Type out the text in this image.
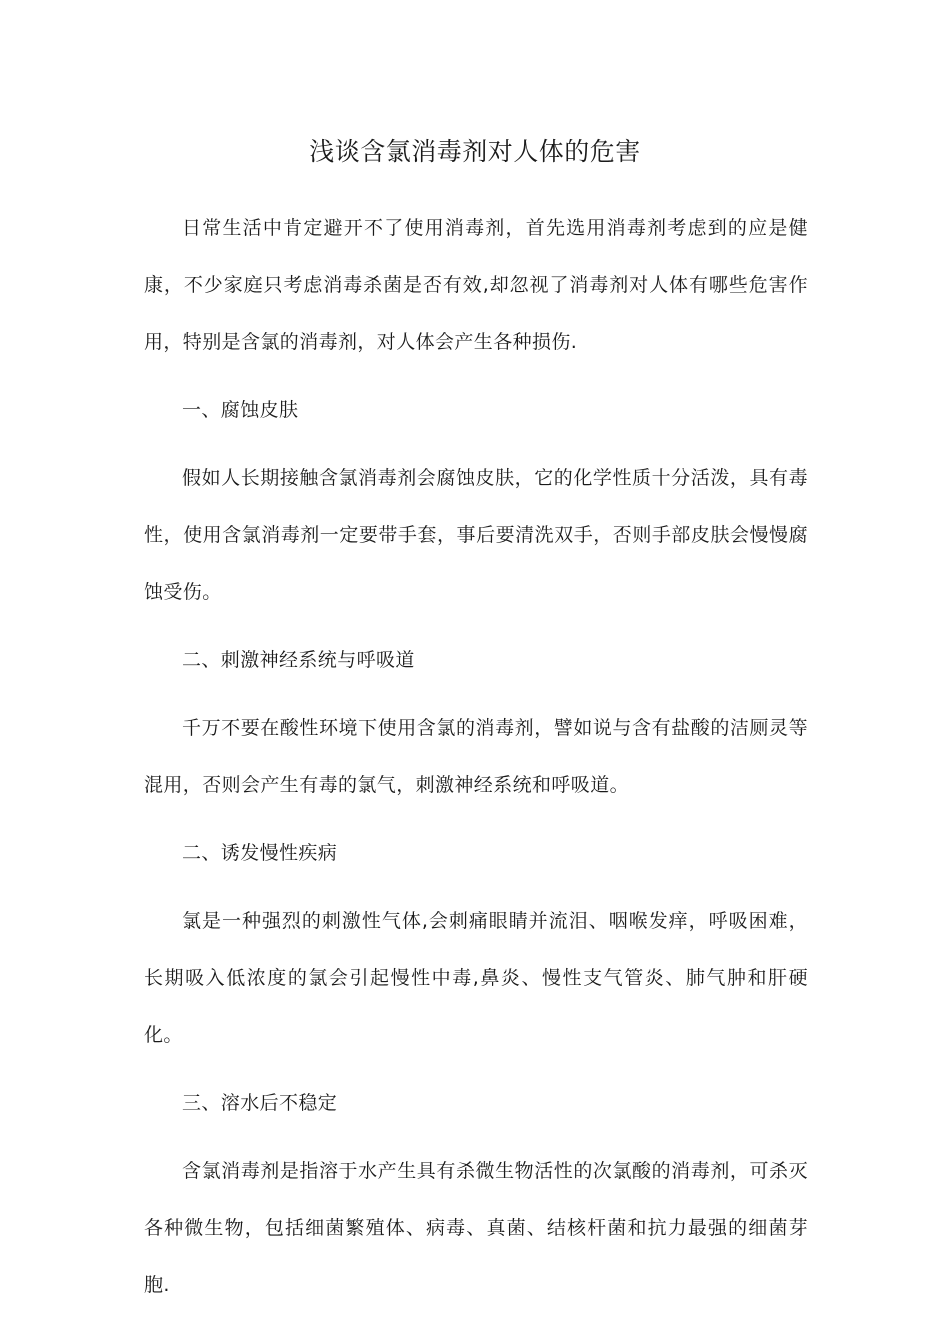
浅谈含氯消毒剂对人体的危害

日常生活中肯定避开不了使用消毒剂，首先选用消毒剂考虑到的应是健康，不少家庭只考虑消毒杀菌是否有效,却忽视了消毒剂对人体有哪些危害作用，特别是含氯的消毒剂，对人体会产生各种损伤.

一、腐蚀皮肤

假如人长期接触含氯消毒剂会腐蚀皮肤，它的化学性质十分活泼，具有毒性，使用含氯消毒剂一定要带手套，事后要清洗双手，否则手部皮肤会慢慢腐蚀受伤。

二、刺激神经系统与呼吸道

千万不要在酸性环境下使用含氯的消毒剂，譬如说与含有盐酸的洁厕灵等混用，否则会产生有毒的氯气，刺激神经系统和呼吸道。

二、诱发慢性疾病

氯是一种强烈的刺激性气体,会刺痛眼睛并流泪、咽喉发痒，呼吸困难，长期吸入低浓度的氯会引起慢性中毒,鼻炎、慢性支气管炎、肺气肿和肝硬化。

三、溶水后不稳定

含氯消毒剂是指溶于水产生具有杀微生物活性的次氯酸的消毒剂，可杀灭各种微生物，包括细菌繁殖体、病毒、真菌、结核杆菌和抗力最强的细菌芽胞.
